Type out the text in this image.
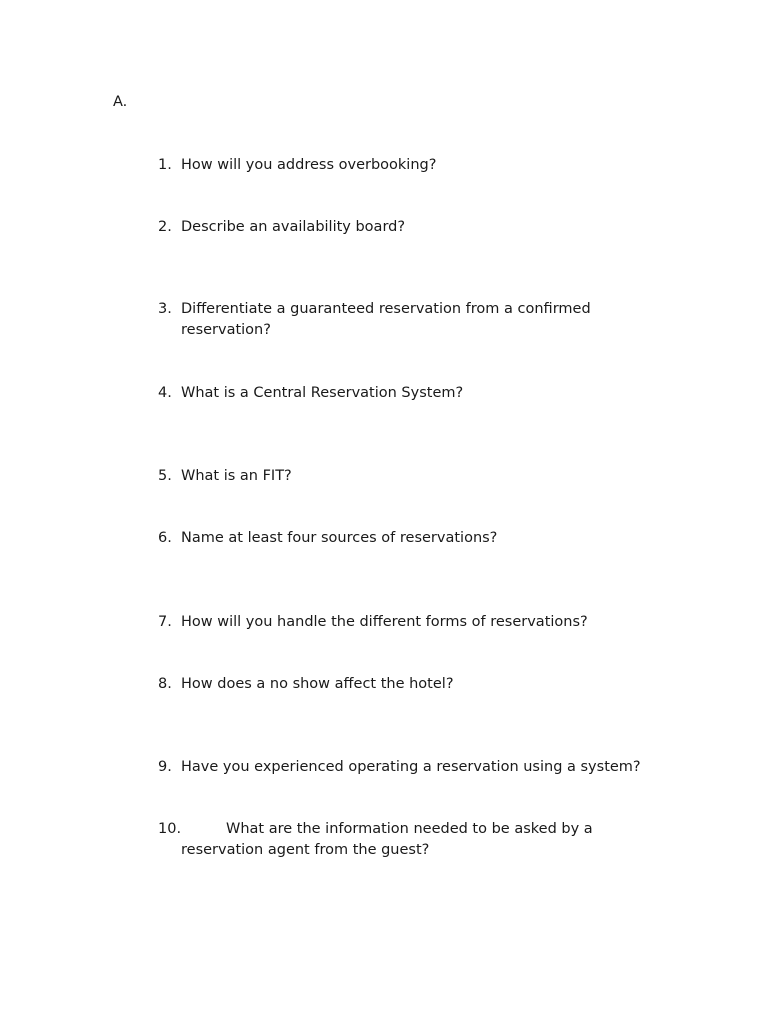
A.
1. How will you address overbooking?
2. Describe an availability board?
3. Differentiate a guaranteed reservation from a confirmed reservation?
4. What is a Central Reservation System?
5. What is an FIT?
6. Name at least four sources of reservations?
7. How will you handle the different forms of reservations?
8. How does a no show affect the hotel?
9. Have you experienced operating a reservation using a system?
10.	What are the information needed to be asked by a reservation agent from the guest?
